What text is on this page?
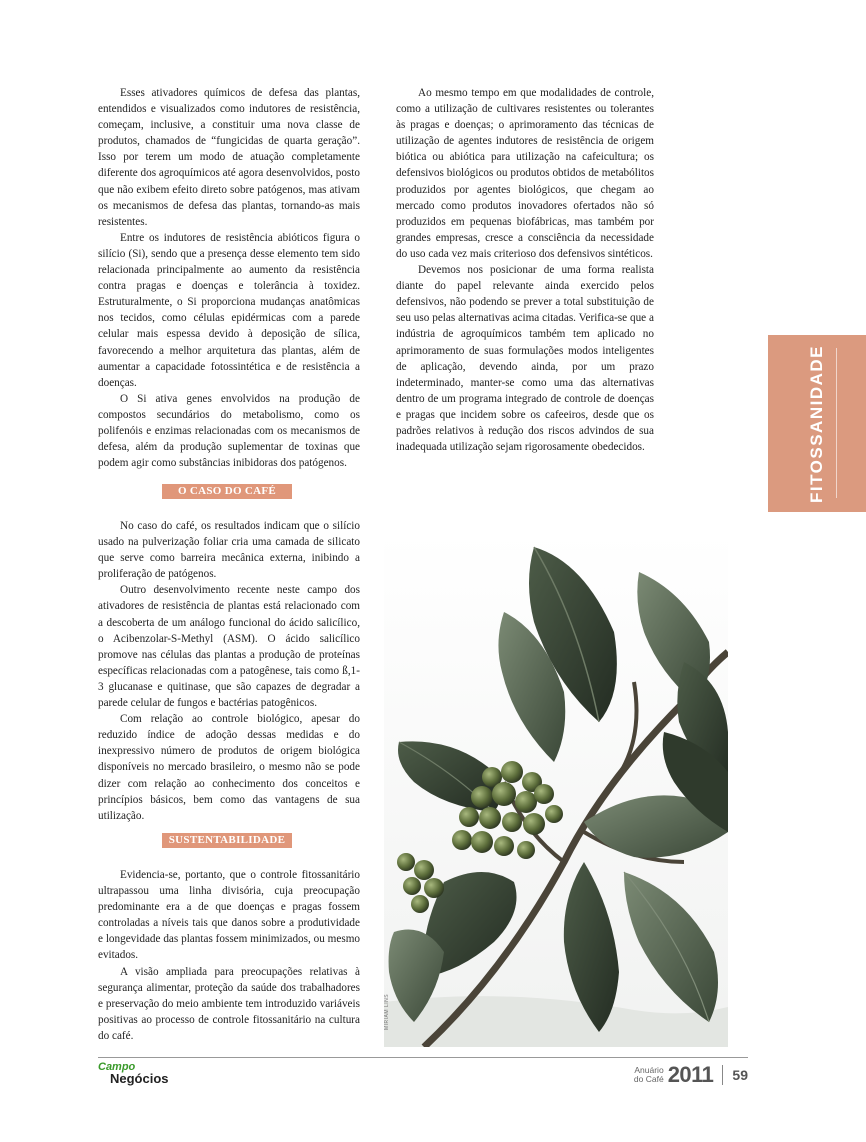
Esses ativadores químicos de defesa das plantas, entendidos e visualizados como indutores de resistência, começam, inclusive, a constituir uma nova classe de produtos, chamados de “fungicidas de quarta geração”. Isso por terem um modo de atuação completamente diferente dos agroquímicos até agora desenvolvidos, posto que não exibem efeito direto sobre patógenos, mas ativam os mecanismos de defesa das plantas, tornando-as mais resistentes.

Entre os indutores de resistência abióticos figura o silício (Si), sendo que a presença desse elemento tem sido relacionada principalmente ao aumento da resistência contra pragas e doenças e tolerância à toxidez. Estruturalmente, o Si proporciona mudanças anatômicas nos tecidos, como células epidérmicas com a parede celular mais espessa devido à deposição de sílica, favorecendo a melhor arquitetura das plantas, além de aumentar a capacidade fotossintética e de resistência a doenças.

O Si ativa genes envolvidos na produção de compostos secundários do metabolismo, como os polifenóis e enzimas relacionadas com os mecanismos de defesa, além da produção suplementar de toxinas que podem agir como substâncias inibidoras dos patógenos.

O CASO DO CAFÉ

No caso do café, os resultados indicam que o silício usado na pulverização foliar cria uma camada de silicato que serve como barreira mecânica externa, inibindo a proliferação de patógenos.

Outro desenvolvimento recente neste campo dos ativadores de resistência de plantas está relacionado com a descoberta de um análogo funcional do ácido salicílico, o Acibenzolar-S-Methyl (ASM). O ácido salicílico promove nas células das plantas a produção de proteínas específicas relacionadas com a patogênese, tais como ß,1-3 glucanase e quitinase, que são capazes de degradar a parede celular de fungos e bactérias patogênicos.

Com relação ao controle biológico, apesar do reduzido índice de adoção dessas medidas e do inexpressivo número de produtos de origem biológica disponíveis no mercado brasileiro, o mesmo não se pode dizer com relação ao conhecimento dos conceitos e princípios básicos, bem como das vantagens de sua utilização.

SUSTENTABILIDADE

Evidencia-se, portanto, que o controle fitossanitário ultrapassou uma linha divisória, cuja preocupação predominante era a de que doenças e pragas fossem controladas a níveis tais que danos sobre a produtividade e longevidade das plantas fossem minimizados, ou mesmo evitados.

A visão ampliada para preocupações relativas à segurança alimentar, proteção da saúde dos trabalhadores e preservação do meio ambiente tem introduzido variáveis positivas ao processo de controle fitossanitário na cultura do café.

Ao mesmo tempo em que modalidades de controle, como a utilização de cultivares resistentes ou tolerantes às pragas e doenças; o aprimoramento das técnicas de utilização de agentes indutores de resistência de origem biótica ou abiótica para utilização na cafeicultura; os defensivos biológicos ou produtos obtidos de metabólitos produzidos por agentes biológicos, que chegam ao mercado como produtos inovadores ofertados não só produzidos em pequenas biofábricas, mas também por grandes empresas, cresce a consciência da necessidade do uso cada vez mais criterioso dos defensivos sintéticos.

Devemos nos posicionar de uma forma realista diante do papel relevante ainda exercido pelos defensivos, não podendo se prever a total substituição de seu uso pelas alternativas acima citadas. Verifica-se que a indústria de agroquímicos também tem aplicado no aprimoramento de suas formulações modos inteligentes de aplicação, devendo ainda, por um prazo indeterminado, manter-se como uma das alternativas dentro de um programa integrado de controle de doenças e pragas que incidem sobre os cafeeiros, desde que os padrões relativos à redução dos riscos advindos de sua inadequada utilização sejam rigorosamente obedecidos.	FITOSSANIDADE
MIRIAM LINS
Campo
Negócios
Anuário
do Café 2011 59
